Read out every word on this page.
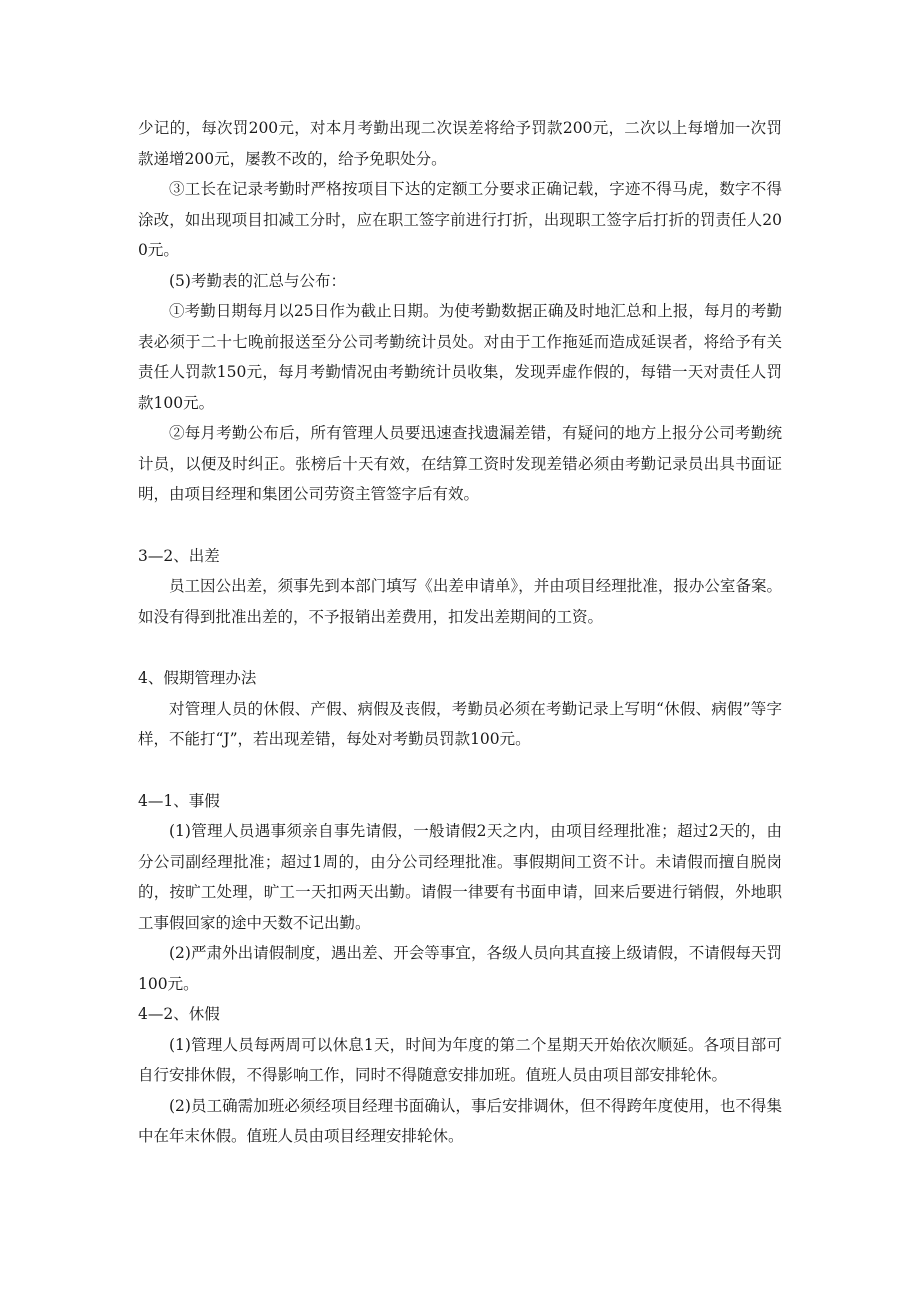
少记的，每次罚200元，对本月考勤出现二次误差将给予罚款200元，二次以上每增加一次罚款递增200元，屡教不改的，给予免职处分。

③工长在记录考勤时严格按项目下达的定额工分要求正确记载，字迹不得马虎，数字不得涂改，如出现项目扣减工分时，应在职工签字前进行打折，出现职工签字后打折的罚责任人200元。

(5)考勤表的汇总与公布：

①考勤日期每月以25日作为截止日期。为使考勤数据正确及时地汇总和上报，每月的考勤表必须于二十七晚前报送至分公司考勤统计员处。对由于工作拖延而造成延误者，将给予有关责任人罚款150元，每月考勤情况由考勤统计员收集，发现弄虚作假的，每错一天对责任人罚款100元。

②每月考勤公布后，所有管理人员要迅速查找遗漏差错，有疑问的地方上报分公司考勤统计员，以便及时纠正。张榜后十天有效，在结算工资时发现差错必须由考勤记录员出具书面证明，由项目经理和集团公司劳资主管签字后有效。

3—2、出差

员工因公出差，须事先到本部门填写《出差申请单》，并由项目经理批准，报办公室备案。如没有得到批准出差的，不予报销出差费用，扣发出差期间的工资。

4、假期管理办法

对管理人员的休假、产假、病假及丧假，考勤员必须在考勤记录上写明“休假、病假”等字样，不能打“J”，若出现差错，每处对考勤员罚款100元。

4—1、事假

(1)管理人员遇事须亲自事先请假，一般请假2天之内，由项目经理批准；超过2天的，由分公司副经理批准；超过1周的，由分公司经理批准。事假期间工资不计。未请假而擅自脱岗的，按旷工处理，旷工一天扣两天出勤。请假一律要有书面申请，回来后要进行销假，外地职工事假回家的途中天数不记出勤。

(2)严肃外出请假制度，遇出差、开会等事宜，各级人员向其直接上级请假，不请假每天罚100元。

4—2、休假

(1)管理人员每两周可以休息1天，时间为年度的第二个星期天开始依次顺延。各项目部可自行安排休假，不得影响工作，同时不得随意安排加班。值班人员由项目部安排轮休。

(2)员工确需加班必须经项目经理书面确认，事后安排调休，但不得跨年度使用，也不得集中在年末休假。值班人员由项目经理安排轮休。
